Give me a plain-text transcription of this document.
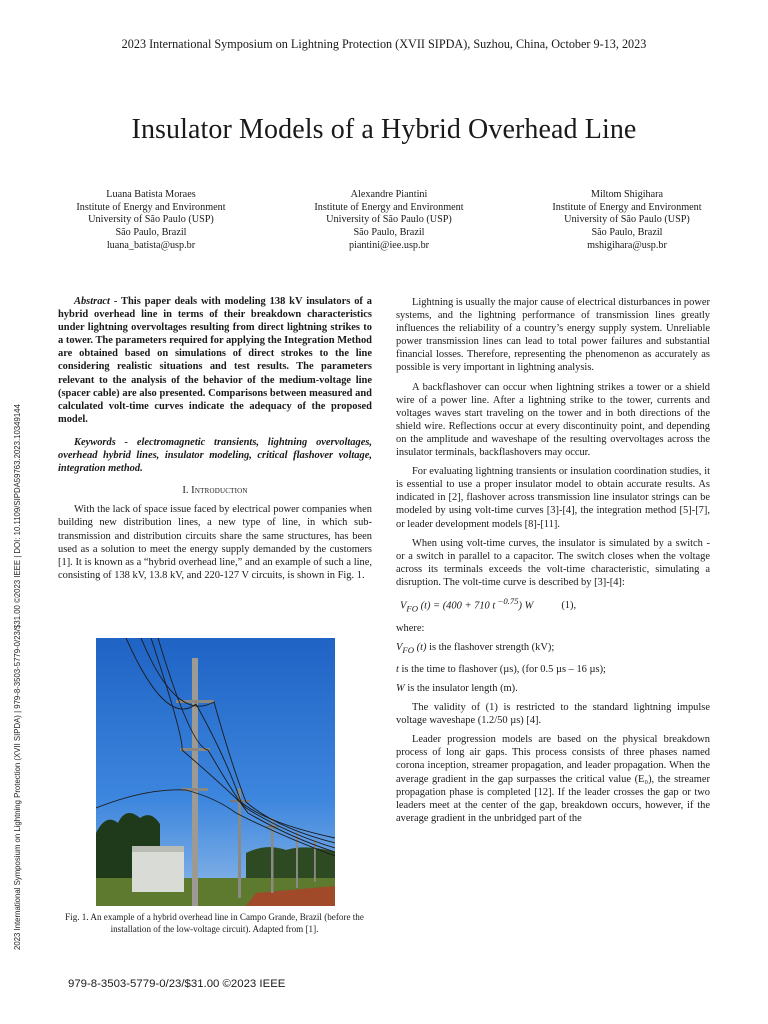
2023 International Symposium on Lightning Protection (XVII SIPDA), Suzhou, China, October 9-13, 2023
Insulator Models of a Hybrid Overhead Line
Luana Batista Moraes
Institute of Energy and Environment
University of São Paulo (USP)
São Paulo, Brazil
luana_batista@usp.br
Alexandre Piantini
Institute of Energy and Environment
University of São Paulo (USP)
São Paulo, Brazil
piantini@iee.usp.br
Miltom Shigihara
Institute of Energy and Environment
University of São Paulo (USP)
São Paulo, Brazil
mshigihara@usp.br
2023 International Symposium on Lightning Protection (XVII SIPDA) | 979-8-3503-5779-0/23/$31.00 ©2023 IEEE | DOI: 10.1109/SIPDA59763.2023.10349144

Abstract - This paper deals with modeling 138 kV insulators of a hybrid overhead line in terms of their breakdown characteristics under lightning overvoltages resulting from direct lightning strikes to a tower. The parameters required for applying the Integration Method are obtained based on simulations of direct strokes to the line considering realistic situations and test results. The parameters relevant to the analysis of the behavior of the medium-voltage line (spacer cable) are also presented. Comparisons between measured and calculated volt-time curves indicate the adequacy of the proposed model.

Keywords - electromagnetic transients, lightning overvoltages, overhead hybrid lines, insulator modeling, critical flashover voltage, integration method.

I. Introduction

With the lack of space issue faced by electrical power companies when building new distribution lines, a new type of line, in which sub-transmission and distribution circuits share the same structures, has been used as a solution to meet the energy supply demanded by the customers [1]. It is known as a “hybrid overhead line,” and an example of such a line, consisting of 138 kV, 13.8 kV, and 220-127 V circuits, is shown in Fig. 1.

Fig. 1. An example of a hybrid overhead line in Campo Grande, Brazil (before the installation of the low-voltage circuit). Adapted from [1].

Lightning is usually the major cause of electrical disturbances in power systems, and the lightning performance of transmission lines greatly influences the reliability of a country’s energy supply system. Unreliable power transmission lines can lead to total power failures and substantial financial losses. Therefore, representing the phenomenon as accurately as possible is very important in lightning analysis.

A backflashover can occur when lightning strikes a tower or a shield wire of a power line. After a lightning strike to the tower, currents and voltages waves start traveling on the tower and in both directions of the shield wire. Reflections occur at every discontinuity point, and depending on the amplitude and waveshape of the resulting overvoltages across the insulator terminals, backflashovers may occur.

For evaluating lightning transients or insulation coordination studies, it is essential to use a proper insulator model to obtain accurate results. As indicated in [2], flashover across transmission line insulator strings can be modeled by using volt-time curves [3]-[4], the integration method [5]-[7], or leader development models [8]-[11].

When using volt-time curves, the insulator is simulated by a switch - or a switch in parallel to a capacitor. The switch closes when the voltage across its terminals exceeds the volt-time characteristic, simulating a disruption. The volt-time curve is described by [3]-[4]:

$V_{FO}$ (t) = (400 + 710 t $^{-0.75}$) W	(1),

where:

$V_{FO}$ (t) is the flashover strength (kV);

t is the time to flashover (µs), (for 0.5 µs – 16 µs);

W is the insulator length (m).

The validity of (1) is restricted to the standard lightning impulse voltage waveshape (1.2/50 µs) [4].

Leader progression models are based on the physical breakdown process of long air gaps. This process consists of three phases named corona inception, streamer propagation, and leader propagation. When the average gradient in the gap surpasses the critical value (E₀), the streamer propagation phase is completed [12]. If the leader crosses the gap or two leaders meet at the center of the gap, breakdown occurs, however, if the average gradient in the unbridged part of the

979-8-3503-5779-0/23/$31.00 ©2023 IEEE
